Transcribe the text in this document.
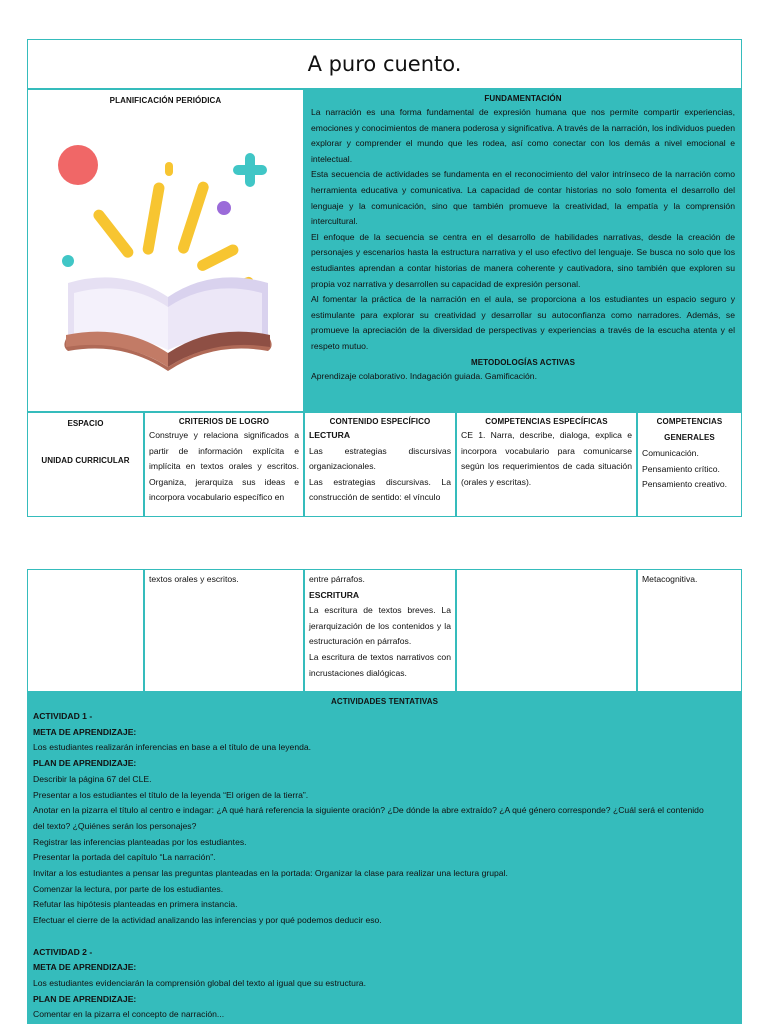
A puro cuento.
PLANIFICACIÓN PERIÓDICA	FUNDAMENTACIÓN

La narración es una forma fundamental de expresión humana que nos permite compartir experiencias, emociones y conocimientos de manera poderosa y significativa. A través de la narración, los individuos pueden explorar y comprender el mundo que les rodea, así como conectar con los demás a nivel emocional e intelectual.

Esta secuencia de actividades se fundamenta en el reconocimiento del valor intrínseco de la narración como herramienta educativa y comunicativa. La capacidad de contar historias no solo fomenta el desarrollo del lenguaje y la comunicación, sino que también promueve la creatividad, la empatía y la comprensión intercultural.

El enfoque de la secuencia se centra en el desarrollo de habilidades narrativas, desde la creación de personajes y escenarios hasta la estructura narrativa y el uso efectivo del lenguaje. Se busca no solo que los estudiantes aprendan a contar historias de manera coherente y cautivadora, sino también que exploren su propia voz narrativa y desarrollen su capacidad de expresión personal.

Al fomentar la práctica de la narración en el aula, se proporciona a los estudiantes un espacio seguro y estimulante para explorar su creatividad y desarrollar su autoconfianza como narradores. Además, se promueve la apreciación de la diversidad de perspectivas y experiencias a través de la escucha atenta y el respeto mutuo.

METODOLOGÍAS ACTIVAS
Aprendizaje colaborativo. Indagación guiada. Gamificación.
ESPACIO
UNIDAD CURRICULAR
CRITERIOS DE LOGRO
Construye y relaciona significados a partir de información explícita e implícita en textos orales y escritos. Organiza, jerarquiza sus ideas e incorpora vocabulario específico en
CONTENIDO ESPECÍFICO
LECTURA
Las estrategias discursivas organizacionales.
Las estrategias discursivas. La construcción de sentido: el vínculo
COMPETENCIAS ESPECÍFICAS
CE 1. Narra, describe, dialoga, explica e incorpora vocabulario para comunicarse según los requerimientos de cada situación (orales y escritas).
COMPETENCIAS
GENERALES
Comunicación.
Pensamiento crítico.
Pensamiento creativo.
textos orales y escritos.	entre párrafos.
ESCRITURA
La escritura de textos breves. La jerarquización de los contenidos y la estructuración en párrafos.
La escritura de textos narrativos con incrustaciones dialógicas.
Metacognitiva.
ACTIVIDADES TENTATIVAS

ACTIVIDAD 1 -

META DE APRENDIZAJE:

Los estudiantes realizarán inferencias en base a el título de una leyenda.

PLAN DE APRENDIZAJE:

Describir la página 67 del CLE.

Presentar a los estudiantes el título de la leyenda “El origen de la tierra”.

Anotar en la pizarra el título al centro e indagar: ¿A qué hará referencia la siguiente oración? ¿De dónde la abre extraído? ¿A qué género corresponde? ¿Cuál será el contenido

del texto? ¿Quiénes serán los personajes?

Registrar las inferencias planteadas por los estudiantes.

Presentar la portada del capítulo “La narración”.

Invitar a los estudiantes a pensar las preguntas planteadas en la portada: Organizar la clase para realizar una lectura grupal.

Comenzar la lectura, por parte de los estudiantes.

Refutar las hipótesis planteadas en primera instancia.

Efectuar el cierre de la actividad analizando las inferencias y por qué podemos deducir eso.

ACTIVIDAD 2 -

META DE APRENDIZAJE:

Los estudiantes evidenciarán la comprensión global del texto al igual que su estructura.

PLAN DE APRENDIZAJE:

Comentar en la pizarra el concepto de narración...
